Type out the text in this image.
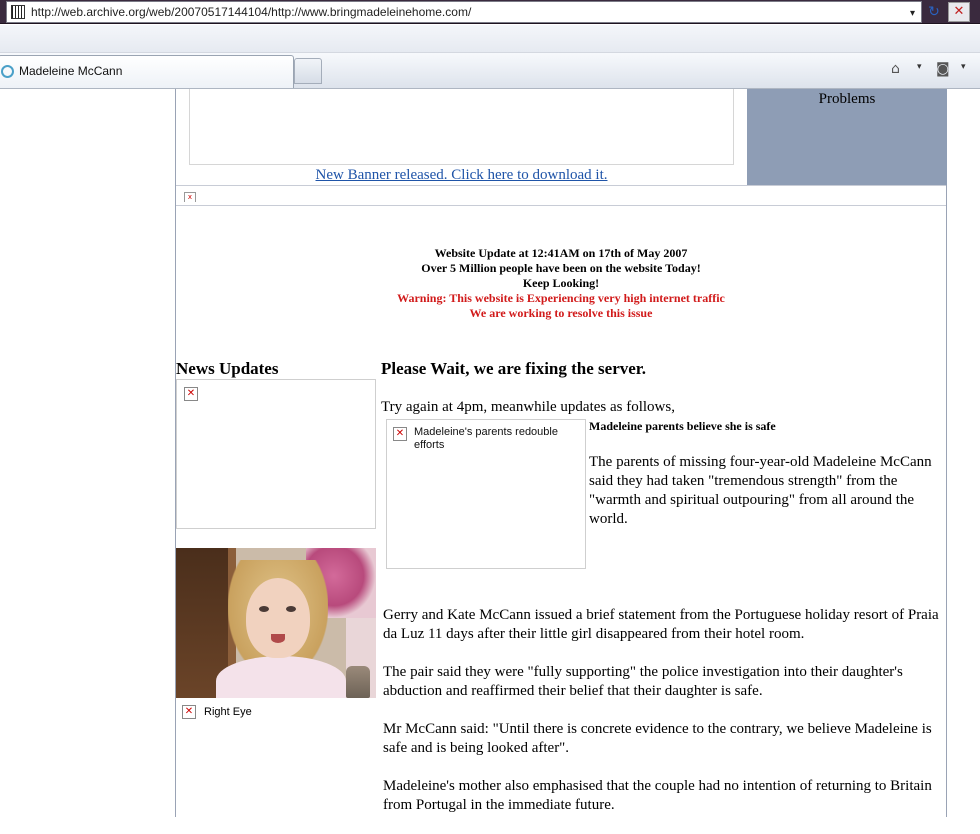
http://web.archive.org/web/20070517144104/http://www.bringmadeleinehome.com/	▾ ↻	✕
Madeleine McCann	⌂ ▾ ◙ ▾
Problems
New Banner released. Click here to download it.
x
Website Update at 12:41AM on 17th of May 2007
Over 5 Million people have been on the website Today!
Keep Looking!
Warning: This website is Experiencing very high internet traffic
We are working to resolve this issue
News Updates
✕
✕ Right Eye
Please Wait, we are fixing the server.
Try again at 4pm, meanwhile updates as follows,
✕ Madeleine's parents redouble efforts
Madeleine parents believe she is safe
The parents of missing four-year-old Madeleine McCann said they had taken "tremendous strength" from the "warmth and spiritual outpouring" from all around the world.

Gerry and Kate McCann issued a brief statement from the Portuguese holiday resort of Praia da Luz 11 days after their little girl disappeared from their hotel room.

The pair said they were "fully supporting" the police investigation into their daughter's abduction and reaffirmed their belief that their daughter is safe.

Mr McCann said: "Until there is concrete evidence to the contrary, we believe Madeleine is safe and is being looked after".

Madeleine's mother also emphasised that the couple had no intention of returning to Britain from Portugal in the immediate future.
